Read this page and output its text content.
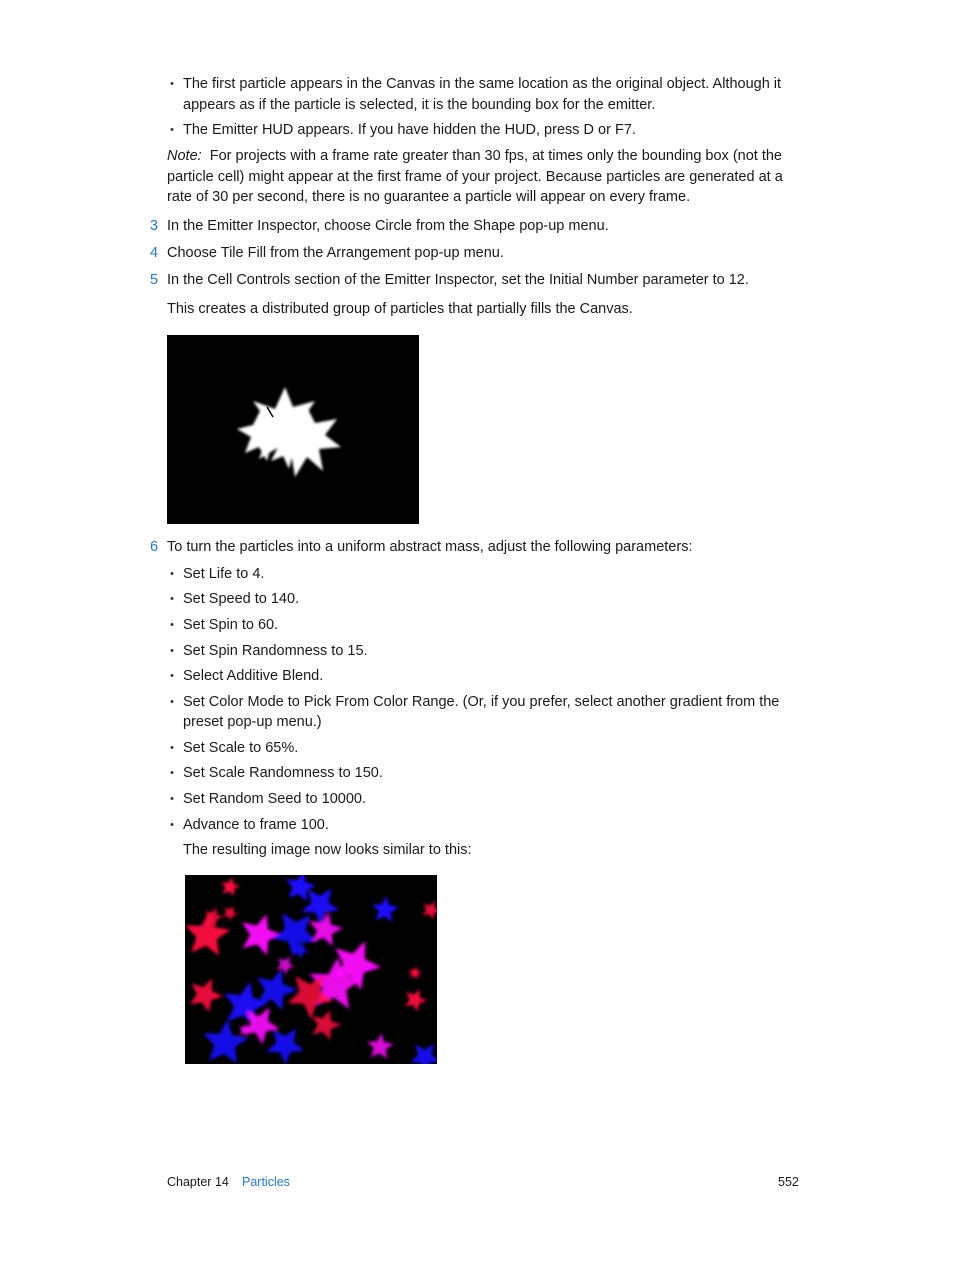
• The first particle appears in the Canvas in the same location as the original object. Although it
appears as if the particle is selected, it is the bounding box for the emitter.
• The Emitter HUD appears. If you have hidden the HUD, press D or F7.
Note: For projects with a frame rate greater than 30 fps, at times only the bounding box (not the
particle cell) might appear at the first frame of your project. Because particles are generated at a
rate of 30 per second, there is no guarantee a particle will appear on every frame.
3 In the Emitter Inspector, choose Circle from the Shape pop-up menu.
4 Choose Tile Fill from the Arrangement pop-up menu.
5 In the Cell Controls section of the Emitter Inspector, set the Initial Number parameter to 12.
This creates a distributed group of particles that partially fills the Canvas.
6 To turn the particles into a uniform abstract mass, adjust the following parameters:
• Set Life to 4.
• Set Speed to 140.
• Set Spin to 60.
• Set Spin Randomness to 15.
• Select Additive Blend.
• Set Color Mode to Pick From Color Range. (Or, if you prefer, select another gradient from the
preset pop-up menu.)
• Set Scale to 65%.
• Set Scale Randomness to 150.
• Set Random Seed to 10000.
• Advance to frame 100.
The resulting image now looks similar to this:
Chapter 14 Particles	552
